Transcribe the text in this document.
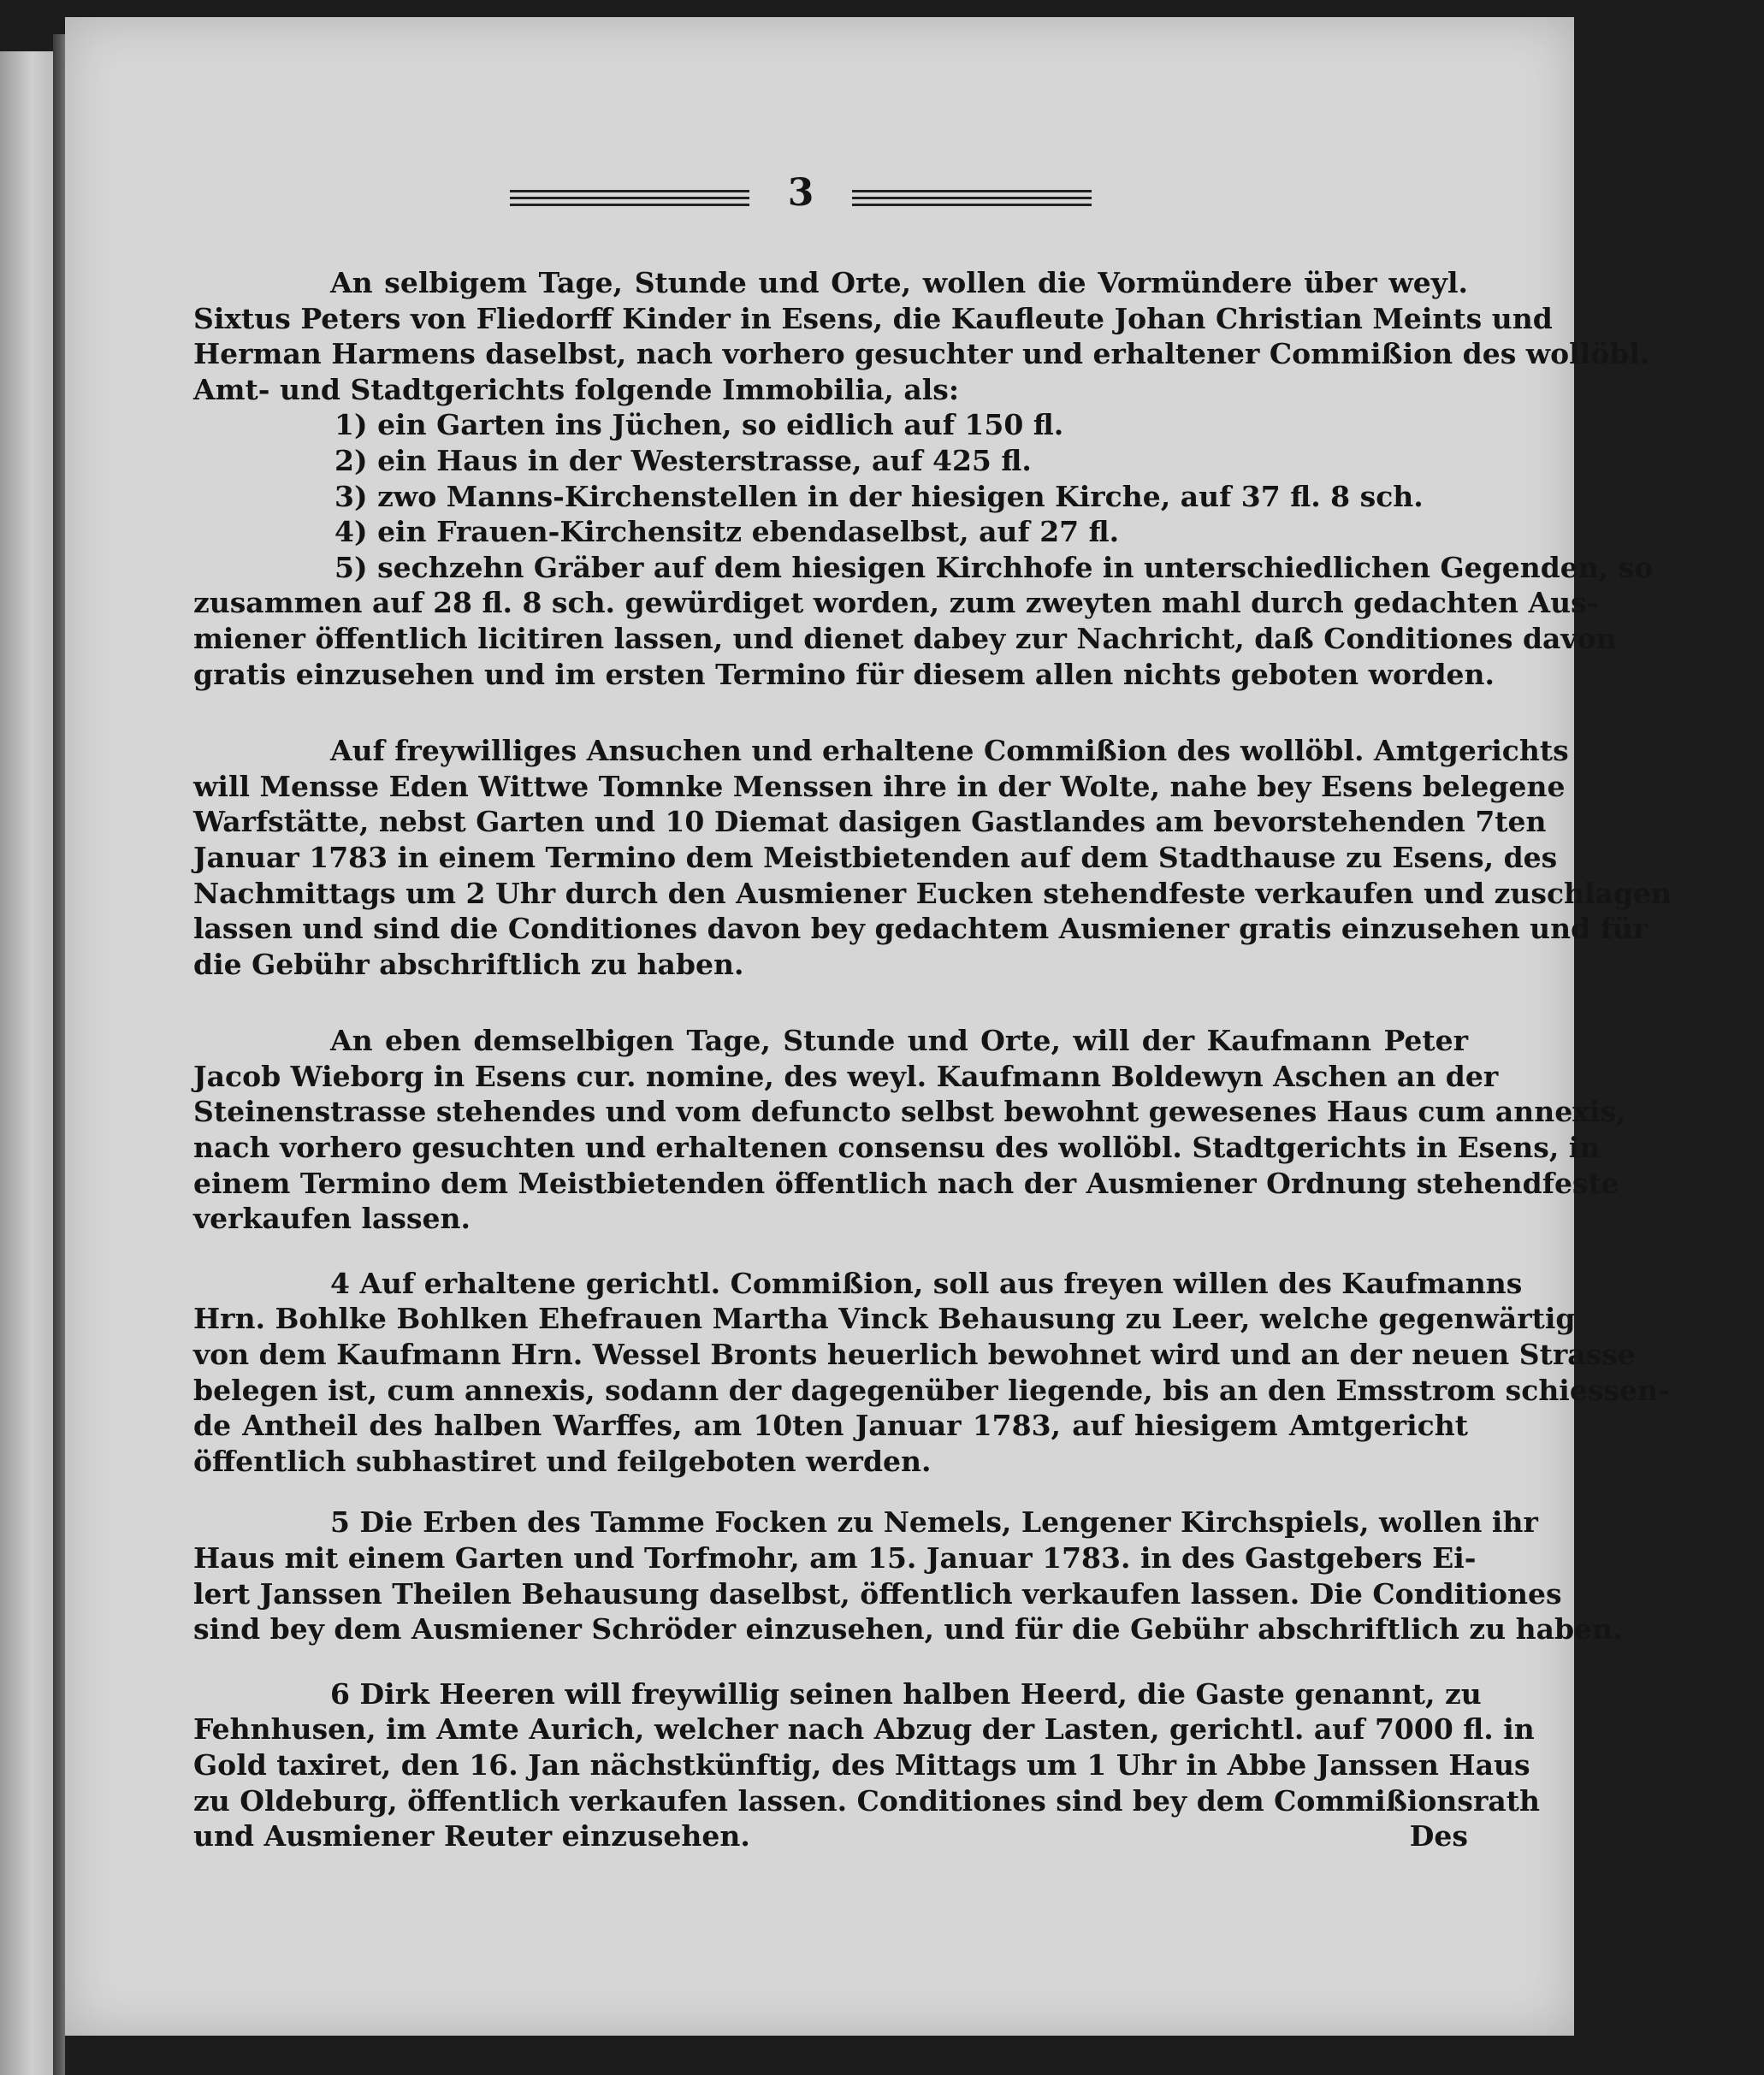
3
An selbigem Tage, Stunde und Orte, wollen die Vormündere über weyl.
Sixtus Peters von Fliedorff Kinder in Esens, die Kaufleute Johan Christian Meints und
Herman Harmens daselbst, nach vorhero gesuchter und erhaltener Commißion des wollöbl.
Amt- und Stadtgerichts folgende Immobilia, als:
1) ein Garten ins Jüchen, so eidlich auf 150 fl.
2) ein Haus in der Westerstrasse, auf 425 fl.
3) zwo Manns-Kirchenstellen in der hiesigen Kirche, auf 37 fl. 8 sch.
4) ein Frauen-Kirchensitz ebendaselbst, auf 27 fl.
5) sechzehn Gräber auf dem hiesigen Kirchhofe in unterschiedlichen Gegenden, so
zusammen auf 28 fl. 8 sch. gewürdiget worden, zum zweyten mahl durch gedachten Aus-
miener öffentlich licitiren lassen, und dienet dabey zur Nachricht, daß Conditiones davon
gratis einzusehen und im ersten Termino für diesem allen nichts geboten worden.
Auf freywilliges Ansuchen und erhaltene Commißion des wollöbl. Amtgerichts
will Mensse Eden Wittwe Tomnke Menssen ihre in der Wolte, nahe bey Esens belegene
Warfstätte, nebst Garten und 10 Diemat dasigen Gastlandes am bevorstehenden 7ten
Januar 1783 in einem Termino dem Meistbietenden auf dem Stadthause zu Esens, des
Nachmittags um 2 Uhr durch den Ausmiener Eucken stehendfeste verkaufen und zuschlagen
lassen und sind die Conditiones davon bey gedachtem Ausmiener gratis einzusehen und für
die Gebühr abschriftlich zu haben.
An eben demselbigen Tage, Stunde und Orte, will der Kaufmann Peter
Jacob Wieborg in Esens cur. nomine, des weyl. Kaufmann Boldewyn Aschen an der
Steinenstrasse stehendes und vom defuncto selbst bewohnt gewesenes Haus cum annexis,
nach vorhero gesuchten und erhaltenen consensu des wollöbl. Stadtgerichts in Esens, in
einem Termino dem Meistbietenden öffentlich nach der Ausmiener Ordnung stehendfeste
verkaufen lassen.
4 Auf erhaltene gerichtl. Commißion, soll aus freyen willen des Kaufmanns
Hrn. Bohlke Bohlken Ehefrauen Martha Vinck Behausung zu Leer, welche gegenwärtig
von dem Kaufmann Hrn. Wessel Bronts heuerlich bewohnet wird und an der neuen Strasse
belegen ist, cum annexis, sodann der dagegenüber liegende, bis an den Emsstrom schiessen-
de Antheil des halben Warffes, am 10ten Januar 1783, auf hiesigem Amtgericht
öffentlich subhastiret und feilgeboten werden.
5 Die Erben des Tamme Focken zu Nemels, Lengener Kirchspiels, wollen ihr
Haus mit einem Garten und Torfmohr, am 15. Januar 1783. in des Gastgebers Ei-
lert Janssen Theilen Behausung daselbst, öffentlich verkaufen lassen. Die Conditiones
sind bey dem Ausmiener Schröder einzusehen, und für die Gebühr abschriftlich zu haben.
6 Dirk Heeren will freywillig seinen halben Heerd, die Gaste genannt, zu
Fehnhusen, im Amte Aurich, welcher nach Abzug der Lasten, gerichtl. auf 7000 fl. in
Gold taxiret, den 16. Jan nächstkünftig, des Mittags um 1 Uhr in Abbe Janssen Haus
zu Oldeburg, öffentlich verkaufen lassen. Conditiones sind bey dem Commißionsrath
und Ausmiener Reuter einzusehen.	Des
